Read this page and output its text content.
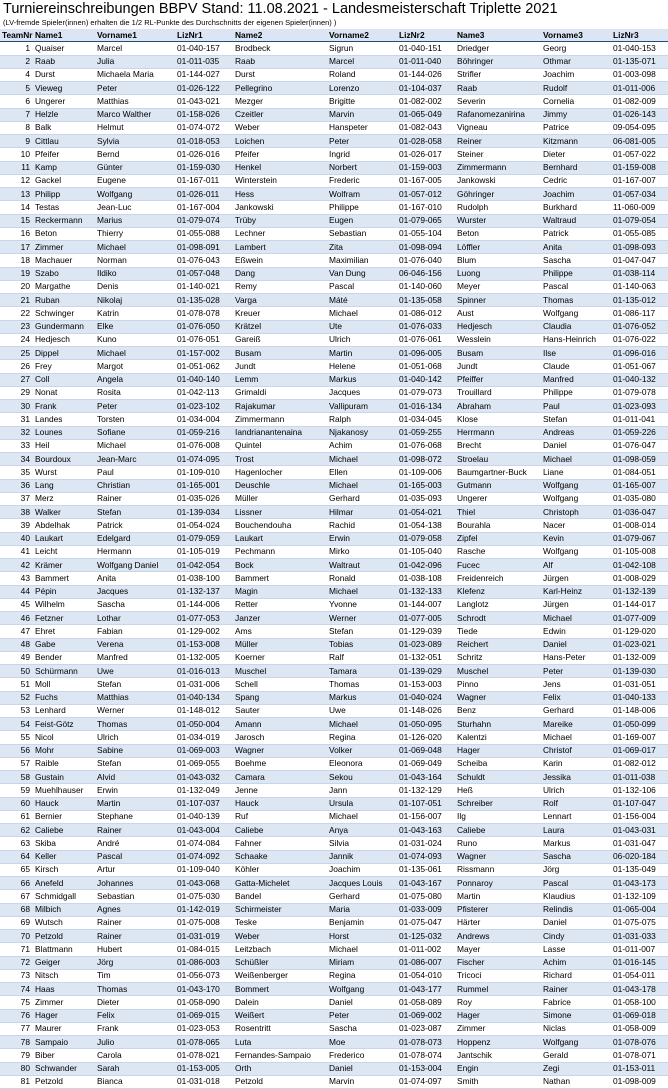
Turniereinschreibungen BBPV Stand: 11.08.2021 - Landesmeisterschaft Triplette 2021
(LV-fremde Spieler(innen) erhalten die 1/2 RL-Punkte des Durchschnitts der eigenen Spieler(innen) )
TeamNr	Name1	Vorname1	LizNr1	Name2	Vorname2	LizNr2	Name3	Vorname3	LizNr3
1	Quaiser	Marcel	01-040-157	Brodbeck	Sigrun	01-040-151	Driedger	Georg	01-040-153
2	Raab	Julia	01-011-035	Raab	Marcel	01-011-040	Böhringer	Othmar	01-135-071
4	Durst	Michaela Maria	01-144-027	Durst	Roland	01-144-026	Strifler	Joachim	01-003-098
5	Vieweg	Peter	01-026-122	Pellegrino	Lorenzo	01-104-037	Raab	Rudolf	01-011-006
6	Ungerer	Matthias	01-043-021	Mezger	Brigitte	01-082-002	Severin	Cornelia	01-082-009
7	Helzle	Marco Walther	01-158-026	Czeitler	Marvin	01-065-049	Rafanomezanirina	Jimmy	01-026-143
8	Balk	Helmut	01-074-072	Weber	Hanspeter	01-082-043	Vigneau	Patrice	09-054-095
9	Cittlau	Sylvia	01-018-053	Loichen	Peter	01-028-058	Reiner	Kitzmann	06-081-005
10	Pfeifer	Bernd	01-026-016	Pfeifer	Ingrid	01-026-017	Steiner	Dieter	01-057-022
11	Kamp	Günter	01-159-030	Henkel	Norbert	01-159-003	Zimmermann	Bernhard	01-159-008
12	Gackel	Eugene	01-167-011	Winterstein	Frederic	01-167-005	Jankowski	Cedric	01-167-007
13	Philipp	Wolfgang	01-026-011	Hess	Wolfram	01-057-012	Göhringer	Joachim	01-057-034
14	Testas	Jean-Luc	01-167-004	Jankowski	Philippe	01-167-010	Rudolph	Burkhard	11-060-009
15	Reckermann	Marius	01-079-074	Trüby	Eugen	01-079-065	Wurster	Waltraud	01-079-054
16	Beton	Thierry	01-055-088	Lechner	Sebastian	01-055-104	Beton	Patrick	01-055-085
17	Zimmer	Michael	01-098-091	Lambert	Zita	01-098-094	Löffler	Anita	01-098-093
18	Machauer	Norman	01-076-043	Eßwein	Maximilian	01-076-040	Blum	Sascha	01-047-047
19	Szabo	Ildiko	01-057-048	Dang	Van Dung	06-046-156	Luong	Philippe	01-038-114
20	Margathe	Denis	01-140-021	Remy	Pascal	01-140-060	Meyer	Pascal	01-140-063
21	Ruban	Nikolaj	01-135-028	Varga	Máté	01-135-058	Spinner	Thomas	01-135-012
22	Schwinger	Katrin	01-078-078	Kreuer	Michael	01-086-012	Aust	Wolfgang	01-086-117
23	Gundermann	Elke	01-076-050	Krätzel	Ute	01-076-033	Hedjesch	Claudia	01-076-052
24	Hedjesch	Kuno	01-076-051	Gareiß	Ulrich	01-076-061	Wesslein	Hans-Heinrich	01-076-022
25	Dippel	Michael	01-157-002	Busam	Martin	01-096-005	Busam	Ilse	01-096-016
26	Frey	Margot	01-051-062	Jundt	Helene	01-051-068	Jundt	Claude	01-051-067
27	Coll	Angela	01-040-140	Lemm	Markus	01-040-142	Pfeiffer	Manfred	01-040-132
29	Nonat	Rosita	01-042-113	Grimaldi	Jacques	01-079-073	Trouillard	Philippe	01-079-078
30	Frank	Peter	01-023-102	Rajakumar	Vallipuram	01-016-134	Abraham	Paul	01-023-093
31	Landes	Torsten	01-034-004	Zimmermann	Ralph	01-034-045	Klose	Stefan	01-011-041
32	Lounes	Sofiane	01-059-216	Iandrianantenaina	Njakanosy	01-059-255	Herrmann	Andreas	01-059-226
33	Heil	Michael	01-076-008	Quintel	Achim	01-076-068	Brecht	Daniel	01-076-047
34	Bourdoux	Jean-Marc	01-074-095	Trost	Michael	01-098-072	Stroelau	Michael	01-098-059
35	Wurst	Paul	01-109-010	Hagenlocher	Ellen	01-109-006	Baumgartner-Buck	Liane	01-084-051
36	Lang	Christian	01-165-001	Deuschle	Michael	01-165-003	Gutmann	Wolfgang	01-165-007
37	Merz	Rainer	01-035-026	Müller	Gerhard	01-035-093	Ungerer	Wolfgang	01-035-080
38	Walker	Stefan	01-139-034	Lissner	Hilmar	01-054-021	Thiel	Christoph	01-036-047
39	Abdelhak	Patrick	01-054-024	Bouchendouha	Rachid	01-054-138	Bourahla	Nacer	01-008-014
40	Laukart	Edelgard	01-079-059	Laukart	Erwin	01-079-058	Zipfel	Kevin	01-079-067
41	Leicht	Hermann	01-105-019	Pechmann	Mirko	01-105-040	Rasche	Wolfgang	01-105-008
42	Krämer	Wolfgang Daniel	01-042-054	Bock	Waltraut	01-042-096	Fucec	Alf	01-042-108
43	Bammert	Anita	01-038-100	Bammert	Ronald	01-038-108	Freidenreich	Jürgen	01-008-029
44	Pépin	Jacques	01-132-137	Magin	Michael	01-132-133	Klefenz	Karl-Heinz	01-132-139
45	Wilhelm	Sascha	01-144-006	Retter	Yvonne	01-144-007	Langlotz	Jürgen	01-144-017
46	Fetzner	Lothar	01-077-053	Janzer	Werner	01-077-005	Schrodt	Michael	01-077-009
47	Ehret	Fabian	01-129-002	Ams	Stefan	01-129-039	Tiede	Edwin	01-129-020
48	Gabe	Verena	01-153-008	Müller	Tobias	01-023-089	Reichert	Daniel	01-023-021
49	Bender	Manfred	01-132-005	Koerner	Ralf	01-132-051	Schritz	Hans-Peter	01-132-009
50	Schürmann	Uwe	01-016-013	Muschel	Tamara	01-139-029	Muschel	Peter	01-139-030
51	Moll	Stefan	01-031-006	Schell	Thomas	01-153-003	Pinno	Jens	01-031-051
52	Fuchs	Matthias	01-040-134	Spang	Markus	01-040-024	Wagner	Felix	01-040-133
53	Lenhard	Werner	01-148-012	Sauter	Uwe	01-148-026	Benz	Gerhard	01-148-006
54	Feist-Götz	Thomas	01-050-004	Amann	Michael	01-050-095	Sturhahn	Mareike	01-050-099
55	Nicol	Ulrich	01-034-019	Jarosch	Regina	01-126-020	Kalentzi	Michael	01-169-007
56	Mohr	Sabine	01-069-003	Wagner	Volker	01-069-048	Hager	Christof	01-069-017
57	Raible	Stefan	01-069-055	Boehme	Eleonora	01-069-049	Scheiba	Karin	01-082-012
58	Gustain	Alvid	01-043-032	Camara	Sekou	01-043-164	Schuldt	Jessika	01-011-038
59	Muehlhauser	Erwin	01-132-049	Jenne	Jann	01-132-129	Heß	Ulrich	01-132-106
60	Hauck	Martin	01-107-037	Hauck	Ursula	01-107-051	Schreiber	Rolf	01-107-047
61	Bernier	Stephane	01-040-139	Ruf	Michael	01-156-007	Ilg	Lennart	01-156-004
62	Caliebe	Rainer	01-043-004	Caliebe	Anya	01-043-163	Caliebe	Laura	01-043-031
63	Skiba	André	01-074-084	Fahner	Silvia	01-031-024	Runo	Markus	01-031-047
64	Keller	Pascal	01-074-092	Schaake	Jannik	01-074-093	Wagner	Sascha	06-020-184
65	Kirsch	Artur	01-109-040	Köhler	Joachim	01-135-061	Rissmann	Jörg	01-135-049
66	Anefeld	Johannes	01-043-068	Gatta-Michelet	Jacques Louis	01-043-167	Ponnaroy	Pascal	01-043-173
67	Schmidgall	Sebastian	01-075-030	Bandel	Gerhard	01-075-080	Martin	Klaudius	01-132-109
68	Milbich	Agnes	01-142-019	Schirmeister	Maria	01-033-009	Pfisterer	Relindis	01-065-004
69	Wutsch	Rainer	01-075-008	Teske	Benjamin	01-075-047	Härter	Daniel	01-075-075
70	Petzold	Rainer	01-031-019	Weber	Horst	01-125-032	Andrews	Cindy	01-031-033
71	Blattmann	Hubert	01-084-015	Leitzbach	Michael	01-011-002	Mayer	Lasse	01-011-007
72	Geiger	Jörg	01-086-003	Schüßler	Miriam	01-086-007	Fischer	Achim	01-016-145
73	Nitsch	Tim	01-056-073	Weißenberger	Regina	01-054-010	Tricoci	Richard	01-054-011
74	Haas	Thomas	01-043-170	Bommert	Wolfgang	01-043-177	Rummel	Rainer	01-043-178
75	Zimmer	Dieter	01-058-090	Dalein	Daniel	01-058-089	Roy	Fabrice	01-058-100
76	Hager	Felix	01-069-015	Weißert	Peter	01-069-002	Hager	Simone	01-069-018
77	Maurer	Frank	01-023-053	Rosentritt	Sascha	01-023-087	Zimmer	Niclas	01-058-009
78	Sampaio	Julio	01-078-065	Luta	Moe	01-078-073	Hoppenz	Wolfgang	01-078-076
79	Biber	Carola	01-078-021	Fernandes-Sampaio	Frederico	01-078-074	Jantschik	Gerald	01-078-071
80	Schwander	Sarah	01-153-005	Orth	Daniel	01-153-004	Engin	Zegi	01-153-011
81	Petzold	Bianca	01-031-018	Petzold	Marvin	01-074-097	Smith	Nathan	01-098-009
